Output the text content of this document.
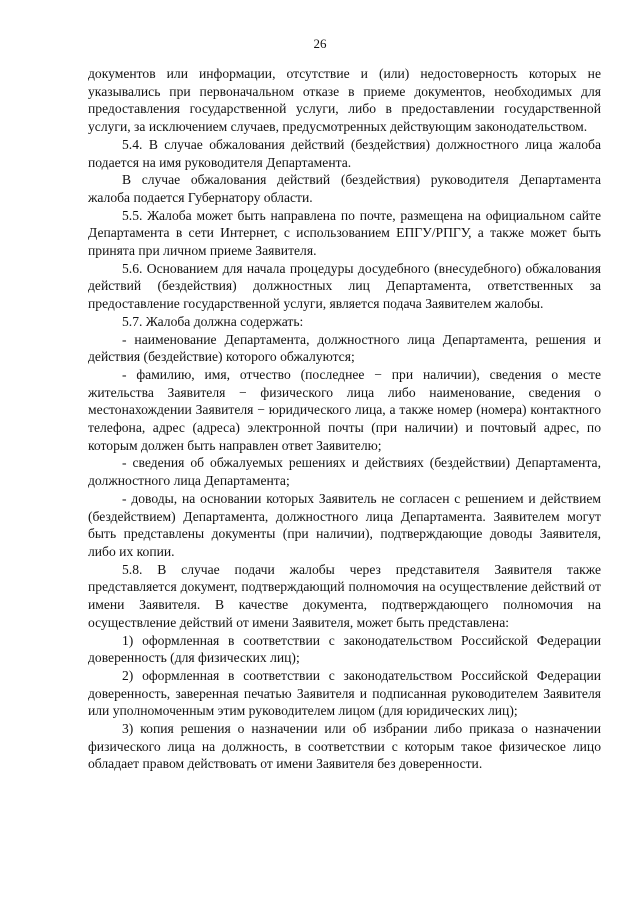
26

документов или информации, отсутствие и (или) недостоверность которых не указывались при первоначальном отказе в приеме документов, необходимых для предоставления государственной услуги, либо в предоставлении государственной услуги, за исключением случаев, предусмотренных действующим законодательством.

5.4. В случае обжалования действий (бездействия) должностного лица жалоба подается на имя руководителя Департамента.

В случае обжалования действий (бездействия) руководителя Департамента жалоба подается Губернатору области.

5.5. Жалоба может быть направлена по почте, размещена на официальном сайте Департамента в сети Интернет, с использованием ЕПГУ/РПГУ, а также может быть принята при личном приеме Заявителя.

5.6. Основанием для начала процедуры досудебного (внесудебного) обжалования действий (бездействия) должностных лиц Департамента, ответственных за предоставление государственной услуги, является подача Заявителем жалобы.

5.7. Жалоба должна содержать:

- наименование Департамента, должностного лица Департамента, решения и действия (бездействие) которого обжалуются;

- фамилию, имя, отчество (последнее − при наличии), сведения о месте жительства Заявителя − физического лица либо наименование, сведения о местонахождении Заявителя − юридического лица, а также номер (номера) контактного телефона, адрес (адреса) электронной почты (при наличии) и почтовый адрес, по которым должен быть направлен ответ Заявителю;

- сведения об обжалуемых решениях и действиях (бездействии) Департамента, должностного лица Департамента;

- доводы, на основании которых Заявитель не согласен с решением и действием (бездействием) Департамента, должностного лица Департамента. Заявителем могут быть представлены документы (при наличии), подтверждающие доводы Заявителя, либо их копии.

5.8. В случае подачи жалобы через представителя Заявителя также представляется документ, подтверждающий полномочия на осуществление действий от имени Заявителя. В качестве документа, подтверждающего полномочия на осуществление действий от имени Заявителя, может быть представлена:

1) оформленная в соответствии с законодательством Российской Федерации доверенность (для физических лиц);

2) оформленная в соответствии с законодательством Российской Федерации доверенность, заверенная печатью Заявителя и подписанная руководителем Заявителя или уполномоченным этим руководителем лицом (для юридических лиц);

3) копия решения о назначении или об избрании либо приказа о назначении физического лица на должность, в соответствии с которым такое физическое лицо обладает правом действовать от имени Заявителя без доверенности.
